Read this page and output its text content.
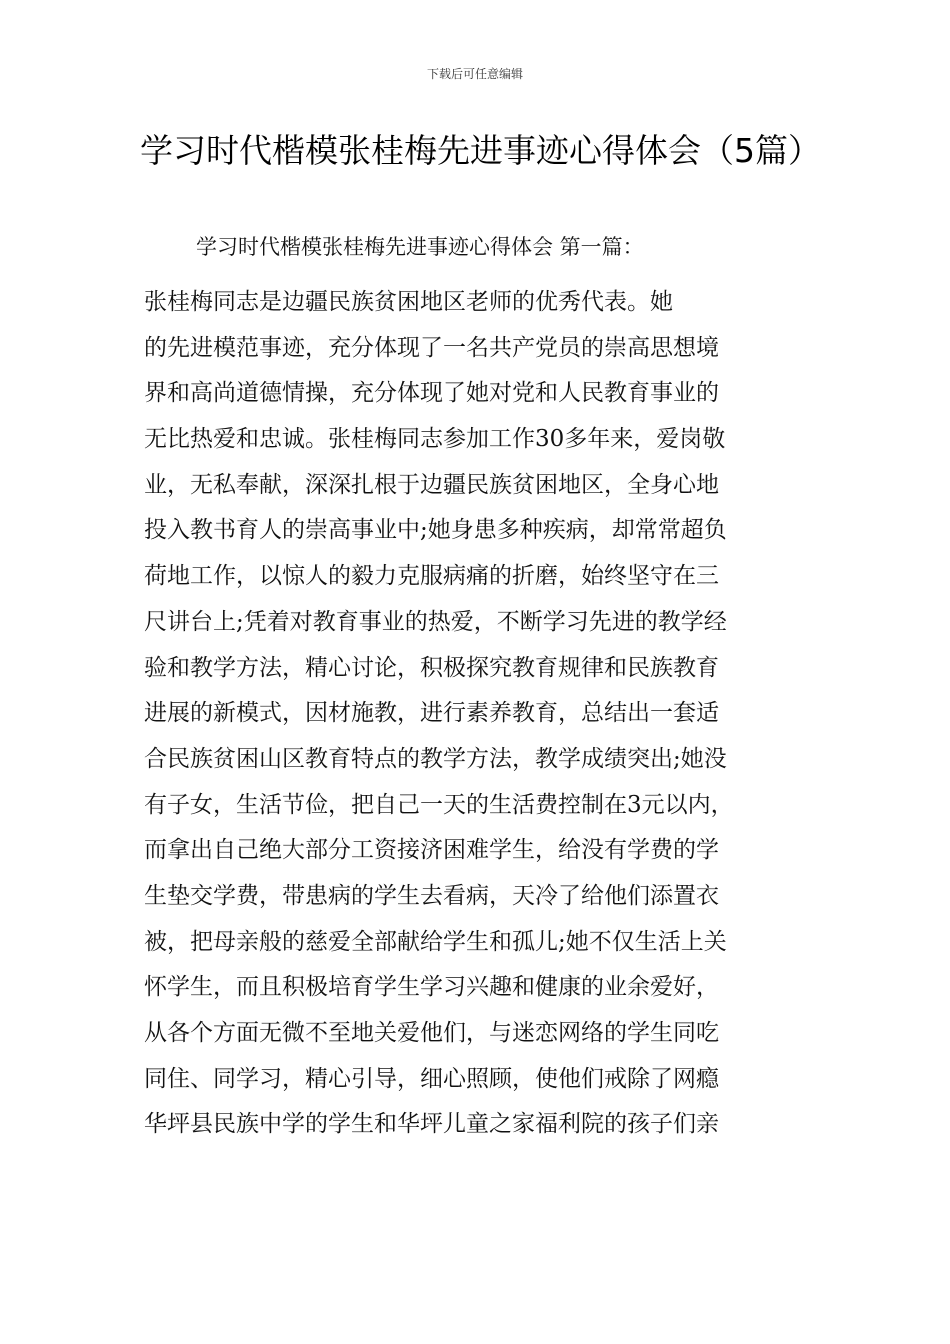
下载后可任意编辑
学习时代楷模张桂梅先进事迹心得体会（5篇）
学习时代楷模张桂梅先进事迹心得体会 第一篇：
张桂梅同志是边疆民族贫困地区老师的优秀代表。她
的先进模范事迹，充分体现了一名共产党员的崇高思想境
界和高尚道德情操，充分体现了她对党和人民教育事业的
无比热爱和忠诚。张桂梅同志参加工作30多年来，爱岗敬
业，无私奉献，深深扎根于边疆民族贫困地区，全身心地
投入教书育人的崇高事业中;她身患多种疾病，却常常超负
荷地工作，以惊人的毅力克服病痛的折磨，始终坚守在三
尺讲台上;凭着对教育事业的热爱，不断学习先进的教学经
验和教学方法，精心讨论，积极探究教育规律和民族教育
进展的新模式，因材施教，进行素养教育，总结出一套适
合民族贫困山区教育特点的教学方法，教学成绩突出;她没
有子女，生活节俭，把自己一天的生活费控制在3元以内，
而拿出自己绝大部分工资接济困难学生，给没有学费的学
生垫交学费，带患病的学生去看病，天冷了给他们添置衣
被，把母亲般的慈爱全部献给学生和孤儿;她不仅生活上关
怀学生，而且积极培育学生学习兴趣和健康的业余爱好，
从各个方面无微不至地关爱他们，与迷恋网络的学生同吃
同住、同学习，精心引导，细心照顾，使他们戒除了网瘾
华坪县民族中学的学生和华坪儿童之家福利院的孩子们亲
